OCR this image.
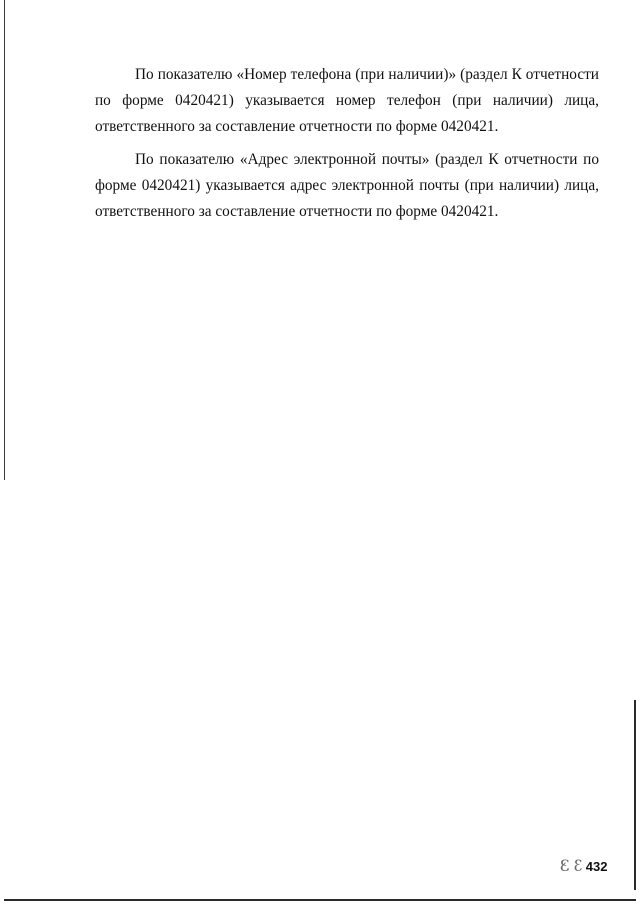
По показателю «Номер телефона (при наличии)» (раздел К отчетности по форме 0420421) указывается номер телефон (при наличии) лица, ответственного за составление отчетности по форме 0420421.

По показателю «Адрес электронной почты» (раздел К отчетности по форме 0420421) указывается адрес электронной почты (при наличии) лица, ответственного за составление отчетности по форме 0420421.

Ꜫ ꜫ 432
